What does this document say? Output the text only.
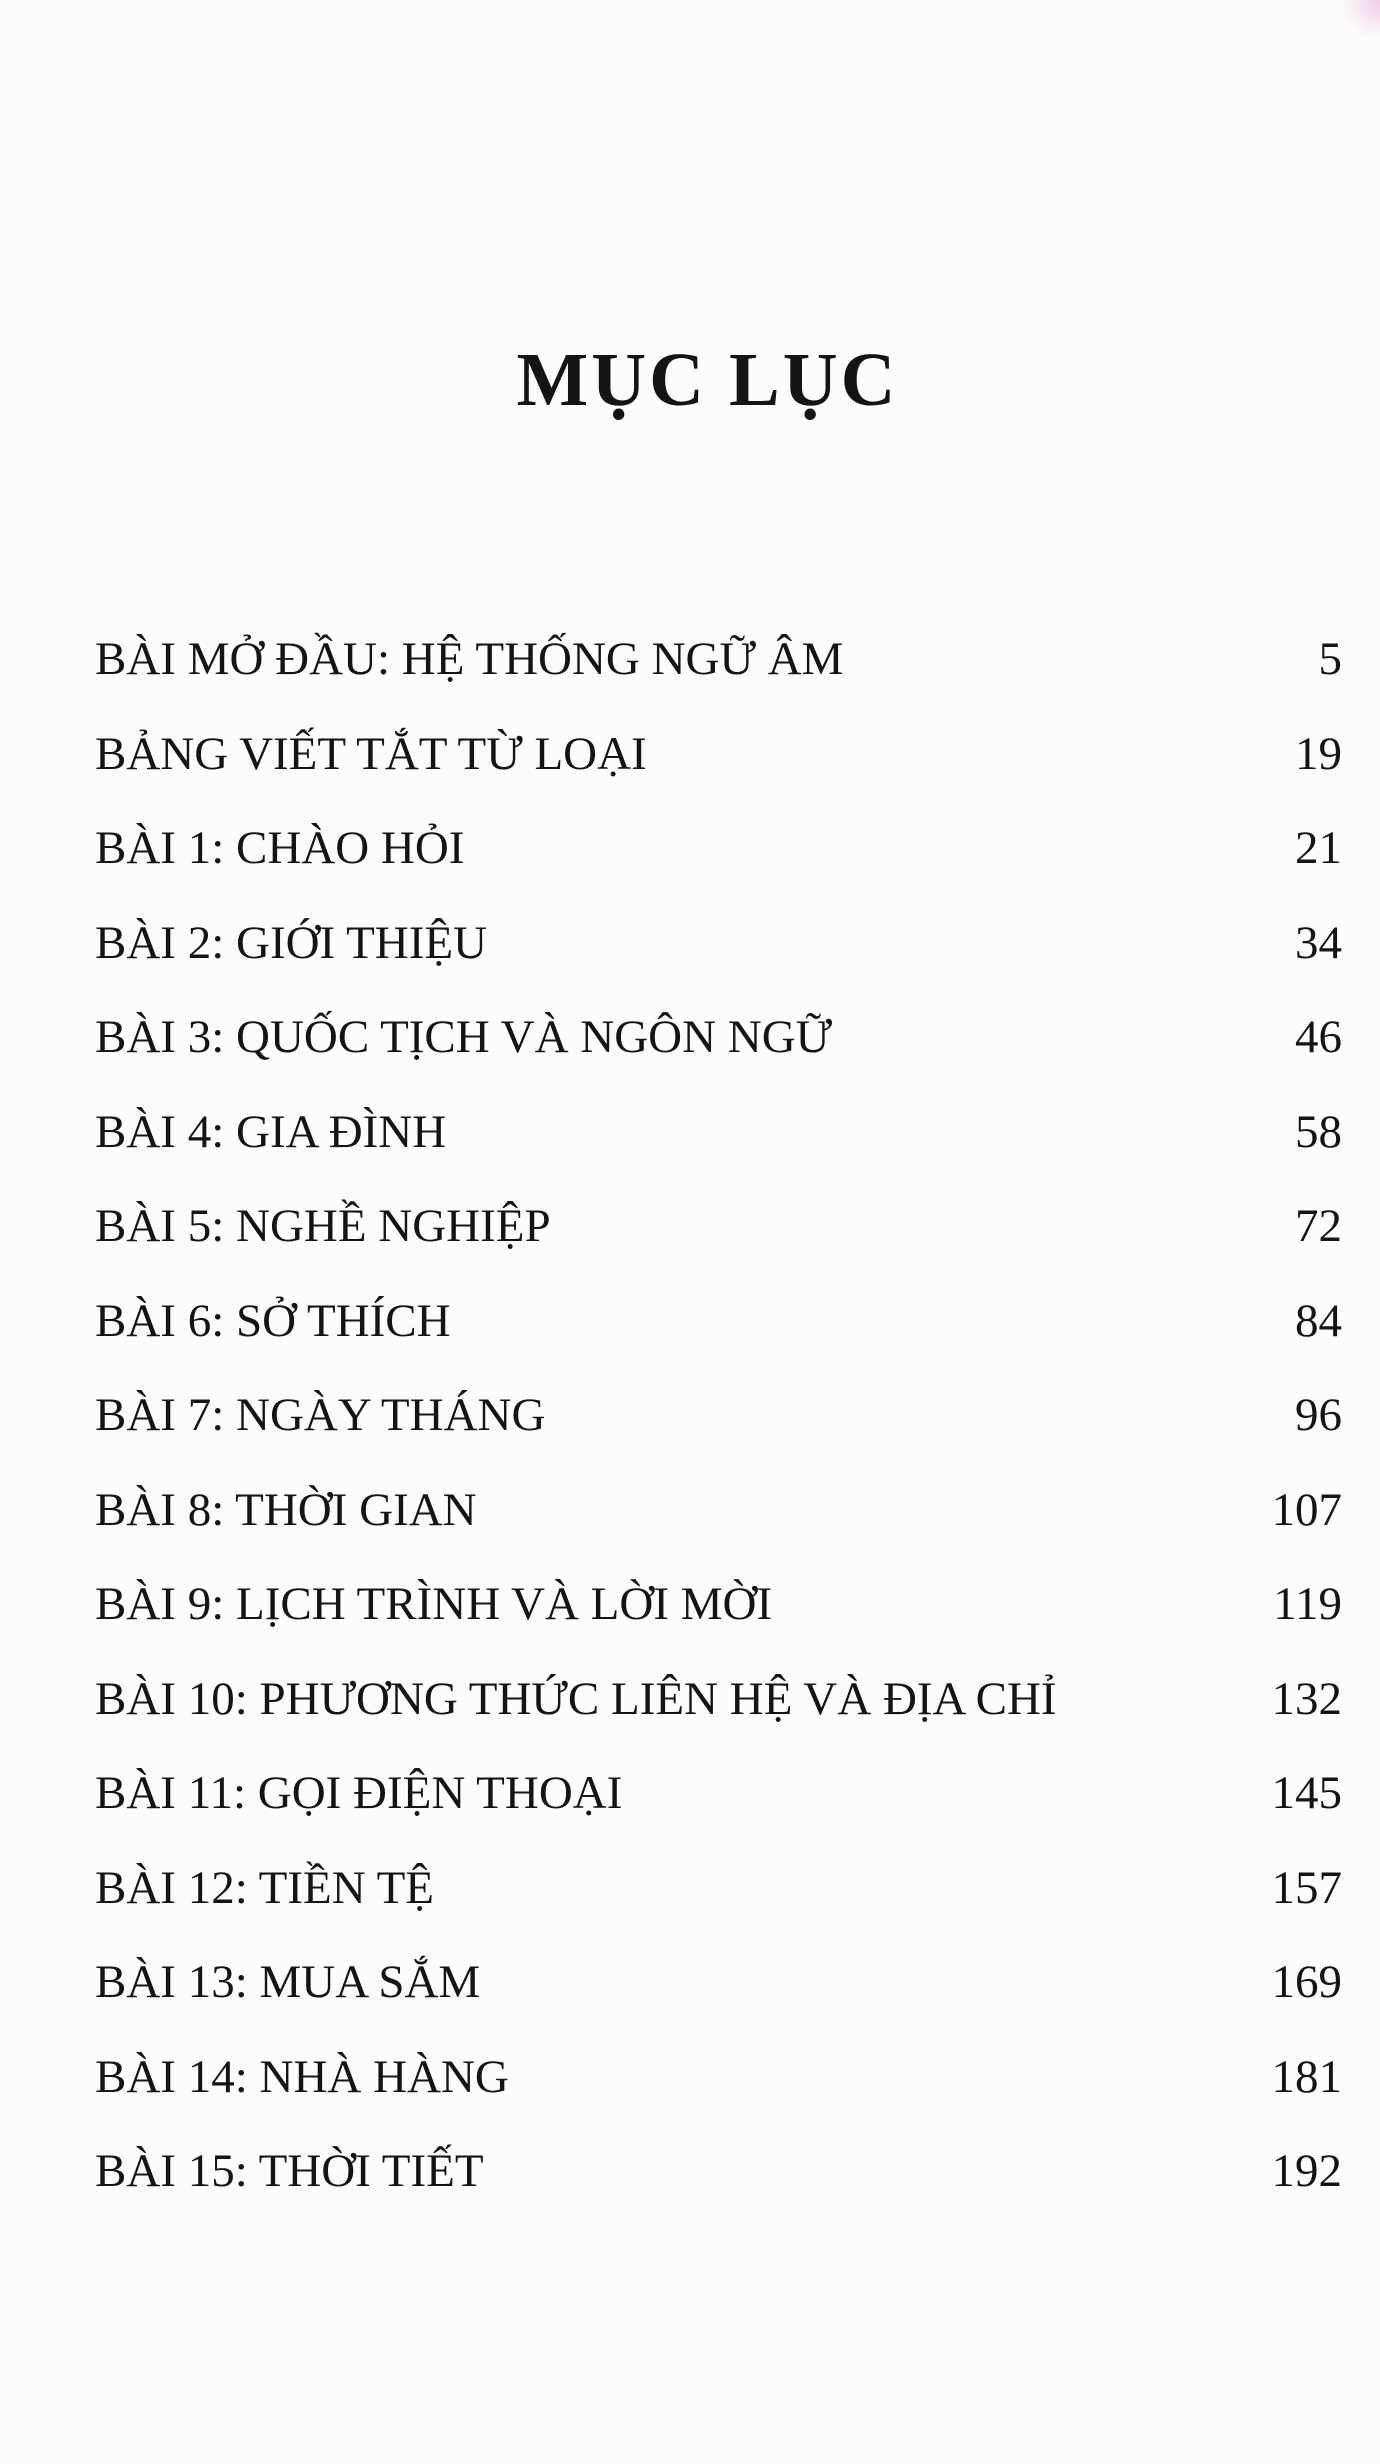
MỤC LỤC
BÀI MỞ ĐẦU: HỆ THỐNG NGỮ ÂM	5
BẢNG VIẾT TẮT TỪ LOẠI	19
BÀI 1: CHÀO HỎI	21
BÀI 2: GIỚI THIỆU	34
BÀI 3: QUỐC TỊCH VÀ NGÔN NGỮ	46
BÀI 4: GIA ĐÌNH	58
BÀI 5: NGHỀ NGHIỆP	72
BÀI 6: SỞ THÍCH	84
BÀI 7: NGÀY THÁNG	96
BÀI 8: THỜI GIAN	107
BÀI 9: LỊCH TRÌNH VÀ LỜI MỜI	119
BÀI 10: PHƯƠNG THỨC LIÊN HỆ VÀ ĐỊA CHỈ	132
BÀI 11: GỌI ĐIỆN THOẠI	145
BÀI 12: TIỀN TỆ	157
BÀI 13: MUA SẮM	169
BÀI 14: NHÀ HÀNG	181
BÀI 15: THỜI TIẾT	192
